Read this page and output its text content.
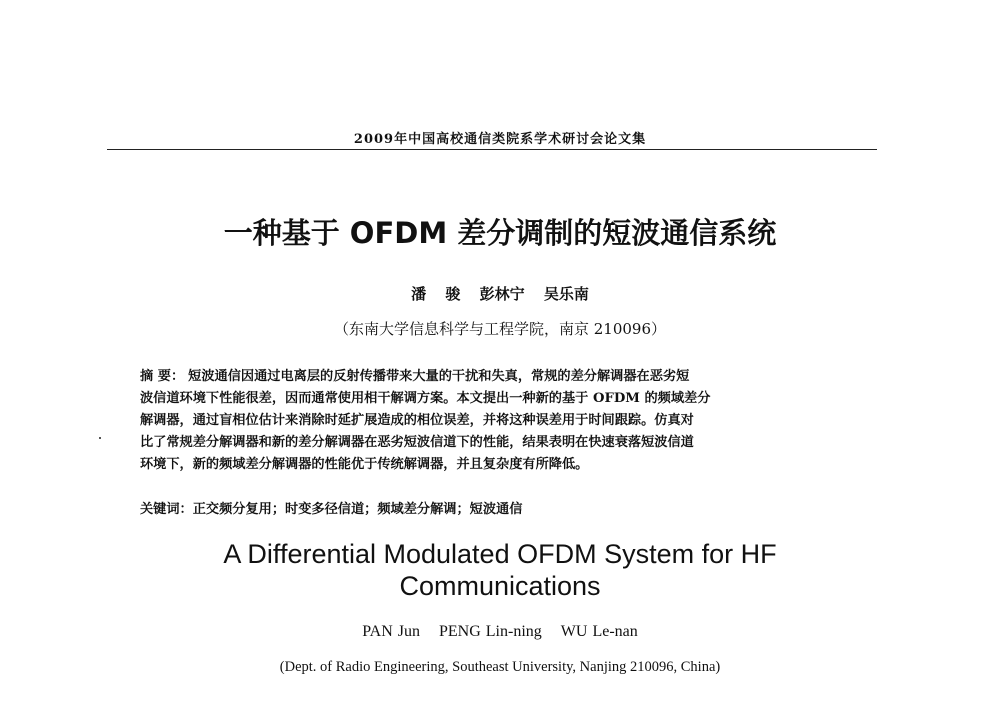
2009年中国高校通信类院系学术研讨会论文集
一种基于 OFDM 差分调制的短波通信系统
潘 骏 彭林宁 吴乐南
（东南大学信息科学与工程学院，南京 210096）
摘 要： 短波通信因通过电离层的反射传播带来大量的干扰和失真，常规的差分解调器在恶劣短
波信道环境下性能很差，因而通常使用相干解调方案。本文提出一种新的基于 OFDM 的频域差分
解调器，通过盲相位估计来消除时延扩展造成的相位误差，并将这种误差用于时间跟踪。仿真对
比了常规差分解调器和新的差分解调器在恶劣短波信道下的性能，结果表明在快速衰落短波信道
环境下，新的频域差分解调器的性能优于传统解调器，并且复杂度有所降低。
关键词：正交频分复用；时变多径信道；频域差分解调；短波通信
A Differential Modulated OFDM System for HF
Communications
PAN Jun PENG Lin-ning WU Le-nan
(Dept. of Radio Engineering, Southeast University, Nanjing 210096, China)
